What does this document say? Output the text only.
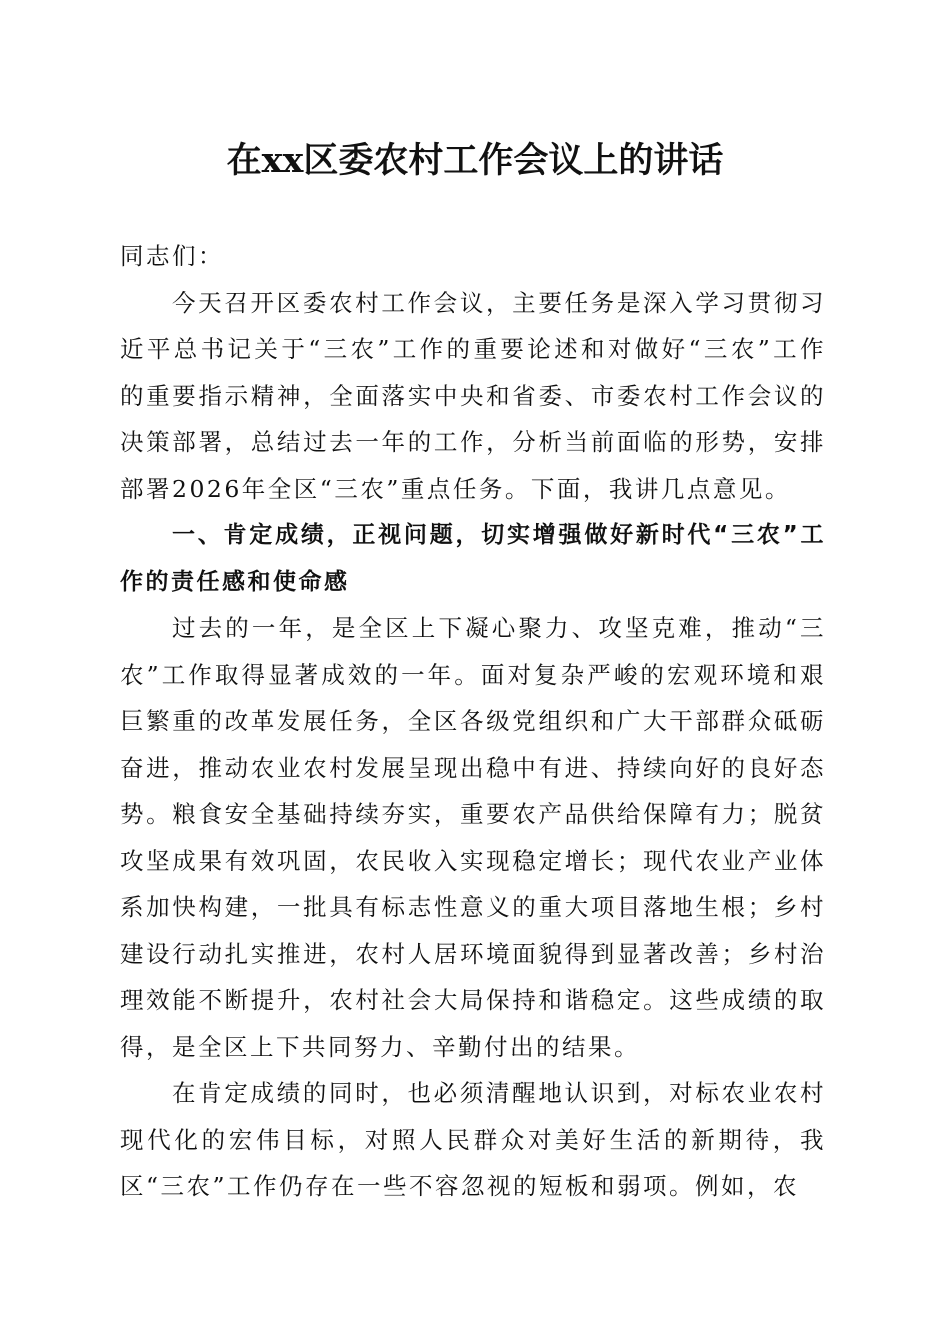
在xx区委农村工作会议上的讲话

同志们：

今天召开区委农村工作会议，主要任务是深入学习贯彻习近平总书记关于“三农”工作的重要论述和对做好“三农”工作的重要指示精神，全面落实中央和省委、市委农村工作会议的决策部署，总结过去一年的工作，分析当前面临的形势，安排部署2026年全区“三农”重点任务。下面，我讲几点意见。

一、肯定成绩，正视问题，切实增强做好新时代“三农”工作的责任感和使命感

过去的一年，是全区上下凝心聚力、攻坚克难，推动“三农”工作取得显著成效的一年。面对复杂严峻的宏观环境和艰巨繁重的改革发展任务，全区各级党组织和广大干部群众砥砺奋进，推动农业农村发展呈现出稳中有进、持续向好的良好态势。粮食安全基础持续夯实，重要农产品供给保障有力；脱贫攻坚成果有效巩固，农民收入实现稳定增长；现代农业产业体系加快构建，一批具有标志性意义的重大项目落地生根；乡村建设行动扎实推进，农村人居环境面貌得到显著改善；乡村治理效能不断提升，农村社会大局保持和谐稳定。这些成绩的取得，是全区上下共同努力、辛勤付出的结果。

在肯定成绩的同时，也必须清醒地认识到，对标农业农村现代化的宏伟目标，对照人民群众对美好生活的新期待，我区“三农”工作仍存在一些不容忽视的短板和弱项。例如，农
